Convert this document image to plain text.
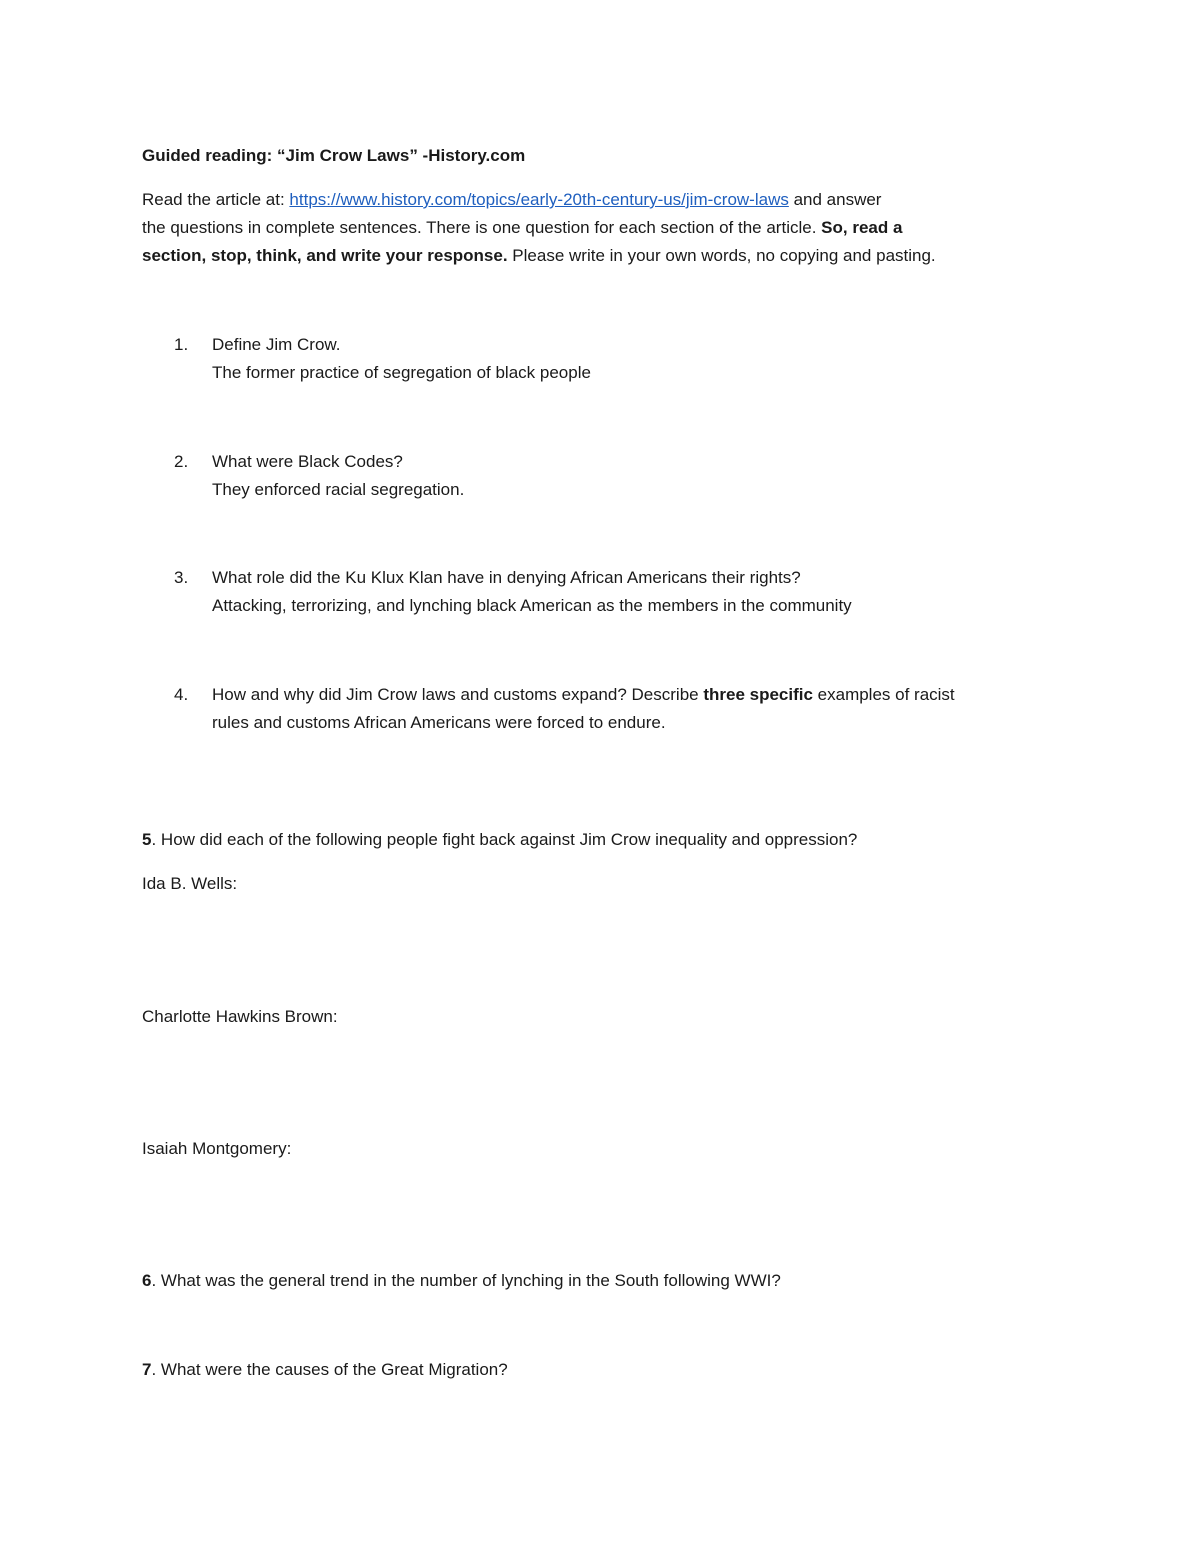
Guided reading: “Jim Crow Laws” -History.com
Read the article at: https://www.history.com/topics/early-20th-century-us/jim-crow-laws and answer
the questions in complete sentences. There is one question for each section of the article. So, read a
section, stop, think, and write your response. Please write in your own words, no copying and pasting.
1. Define Jim Crow.
The former practice of segregation of black people
2. What were Black Codes?
They enforced racial segregation.
3. What role did the Ku Klux Klan have in denying African Americans their rights?
Attacking, terrorizing, and lynching black American as the members in the community
4. How and why did Jim Crow laws and customs expand? Describe three specific examples of racist
rules and customs African Americans were forced to endure.
5. How did each of the following people fight back against Jim Crow inequality and oppression?
Ida B. Wells:
Charlotte Hawkins Brown:
Isaiah Montgomery:
6. What was the general trend in the number of lynching in the South following WWI?
7. What were the causes of the Great Migration?
